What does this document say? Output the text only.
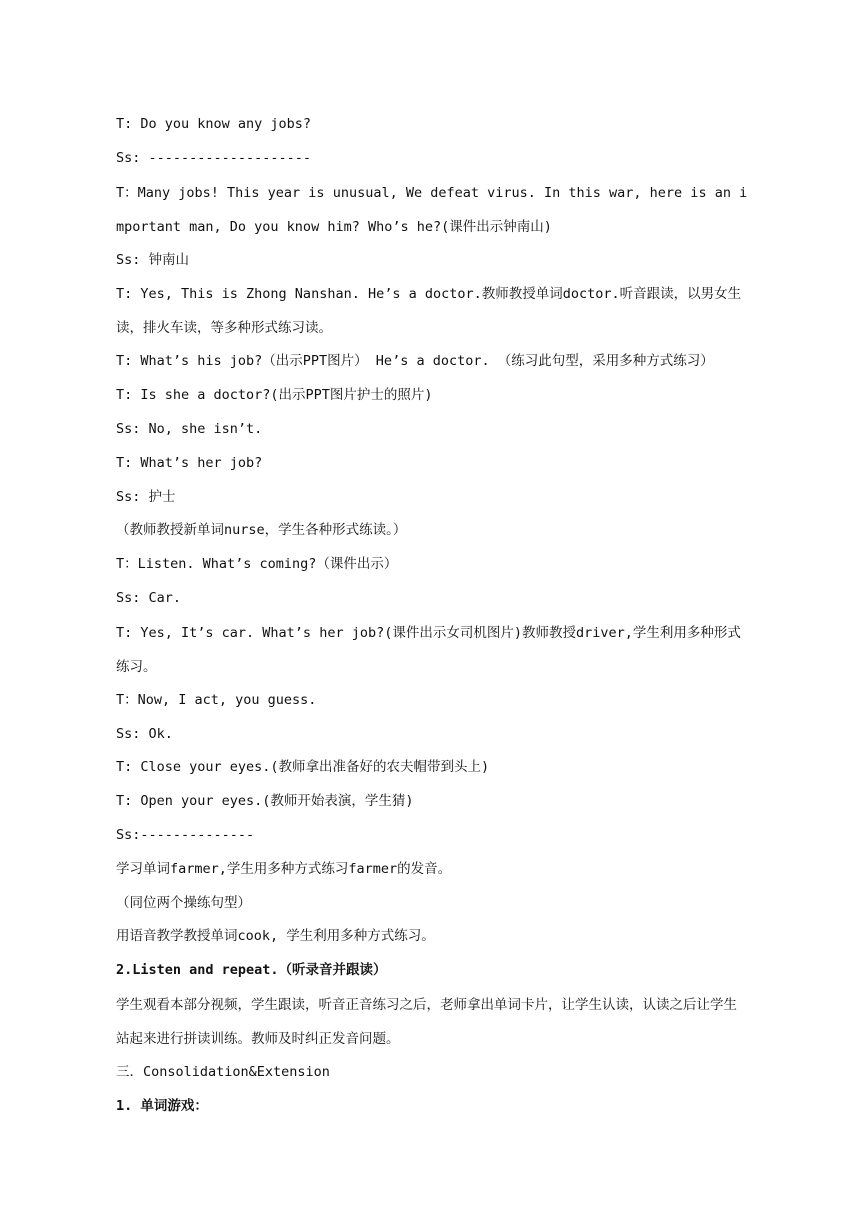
T: Do you know any jobs?

Ss: --------------------

T：Many jobs! This year is unusual, We defeat virus. In this war, here is an important man, Do you know him? Who’s he?(课件出示钟南山)

Ss: 钟南山

T: Yes, This is Zhong Nanshan. He’s a doctor.教师教授单词doctor.听音跟读，以男女生读，排火车读，等多种形式练习读。

T: What’s his job?（出示PPT图片） He’s a doctor. （练习此句型，采用多种方式练习）

T: Is she a doctor?(出示PPT图片护士的照片)

Ss: No, she isn’t.

T: What’s her job?

Ss: 护士

（教师教授新单词nurse，学生各种形式练读。）

T：Listen. What’s coming?（课件出示）

Ss: Car.

T: Yes, It’s car. What’s her job?(课件出示女司机图片)教师教授driver,学生利用多种形式练习。

T：Now, I act, you guess.

Ss: Ok.

T: Close your eyes.(教师拿出准备好的农夫帽带到头上)

T: Open your eyes.(教师开始表演，学生猜)

Ss:--------------

学习单词farmer,学生用多种方式练习farmer的发音。

（同位两个操练句型）

用语音教学教授单词cook, 学生利用多种方式练习。

2.Listen and repeat.（听录音并跟读）

学生观看本部分视频，学生跟读，听音正音练习之后，老师拿出单词卡片，让学生认读，认读之后让学生站起来进行拼读训练。教师及时纠正发音问题。

三．Consolidation&Extension

1. 单词游戏：
